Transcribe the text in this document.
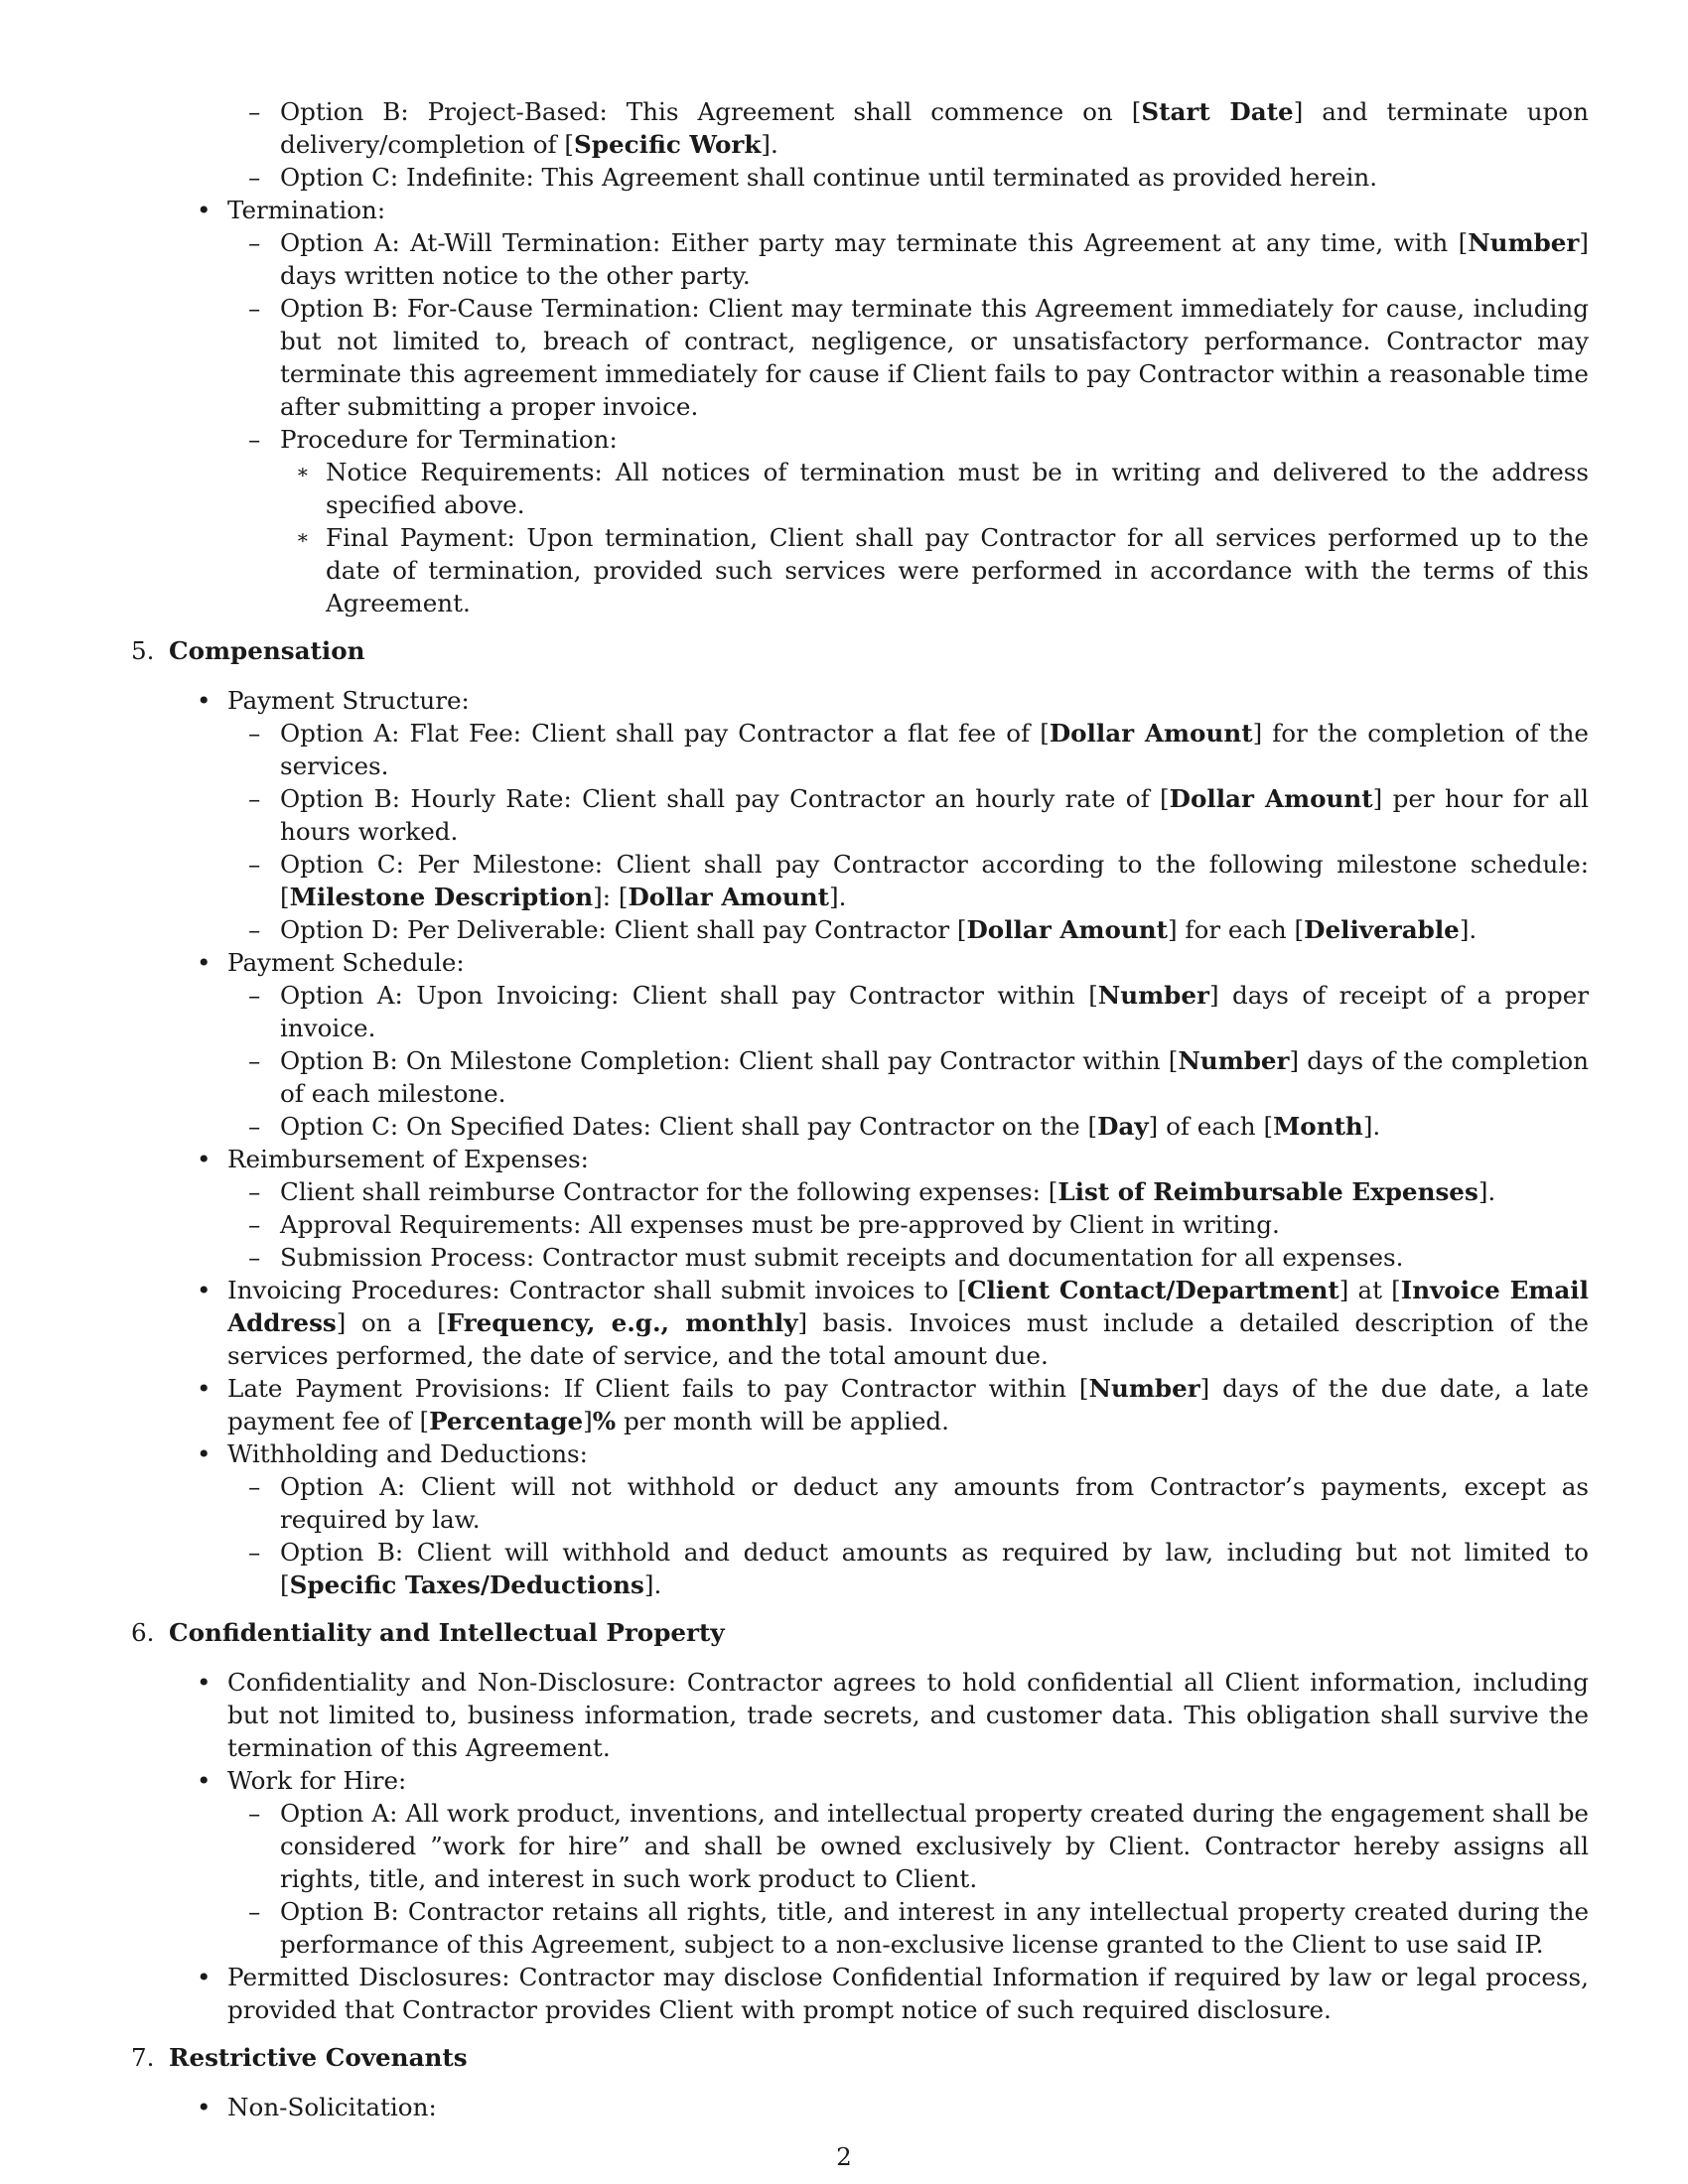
– Option B: Project-Based: This Agreement shall commence on [Start Date] and terminate upon delivery/completion of [Specific Work].
– Option C: Indefinite: This Agreement shall continue until terminated as provided herein.
• Termination:
– Option A: At-Will Termination: Either party may terminate this Agreement at any time, with [Number] days written notice to the other party.
– Option B: For-Cause Termination: Client may terminate this Agreement immediately for cause, including but not limited to, breach of contract, negligence, or unsatisfactory performance. Contractor may terminate this agreement immediately for cause if Client fails to pay Contractor within a reasonable time after submitting a proper invoice.
– Procedure for Termination:
∗ Notice Requirements: All notices of termination must be in writing and delivered to the address specified above.
∗ Final Payment: Upon termination, Client shall pay Contractor for all services performed up to the date of termination, provided such services were performed in accordance with the terms of this Agreement.
5. Compensation
• Payment Structure:
– Option A: Flat Fee: Client shall pay Contractor a flat fee of [Dollar Amount] for the completion of the services.
– Option B: Hourly Rate: Client shall pay Contractor an hourly rate of [Dollar Amount] per hour for all hours worked.
– Option C: Per Milestone: Client shall pay Contractor according to the following milestone schedule: [Milestone Description]: [Dollar Amount].
– Option D: Per Deliverable: Client shall pay Contractor [Dollar Amount] for each [Deliverable].
• Payment Schedule:
– Option A: Upon Invoicing: Client shall pay Contractor within [Number] days of receipt of a proper invoice.
– Option B: On Milestone Completion: Client shall pay Contractor within [Number] days of the completion of each milestone.
– Option C: On Specified Dates: Client shall pay Contractor on the [Day] of each [Month].
• Reimbursement of Expenses:
– Client shall reimburse Contractor for the following expenses: [List of Reimbursable Expenses].
– Approval Requirements: All expenses must be pre-approved by Client in writing.
– Submission Process: Contractor must submit receipts and documentation for all expenses.
• Invoicing Procedures: Contractor shall submit invoices to [Client Contact/Department] at [Invoice Email Address] on a [Frequency, e.g., monthly] basis. Invoices must include a detailed description of the services performed, the date of service, and the total amount due.
• Late Payment Provisions: If Client fails to pay Contractor within [Number] days of the due date, a late payment fee of [Percentage]% per month will be applied.
• Withholding and Deductions:
– Option A: Client will not withhold or deduct any amounts from Contractor’s payments, except as required by law.
– Option B: Client will withhold and deduct amounts as required by law, including but not limited to [Specific Taxes/Deductions].
6. Confidentiality and Intellectual Property
• Confidentiality and Non-Disclosure: Contractor agrees to hold confidential all Client information, including but not limited to, business information, trade secrets, and customer data. This obligation shall survive the termination of this Agreement.
• Work for Hire:
– Option A: All work product, inventions, and intellectual property created during the engagement shall be considered ”work for hire” and shall be owned exclusively by Client. Contractor hereby assigns all rights, title, and interest in such work product to Client.
– Option B: Contractor retains all rights, title, and interest in any intellectual property created during the performance of this Agreement, subject to a non-exclusive license granted to the Client to use said IP.
• Permitted Disclosures: Contractor may disclose Confidential Information if required by law or legal process, provided that Contractor provides Client with prompt notice of such required disclosure.
7. Restrictive Covenants
• Non-Solicitation:
2
